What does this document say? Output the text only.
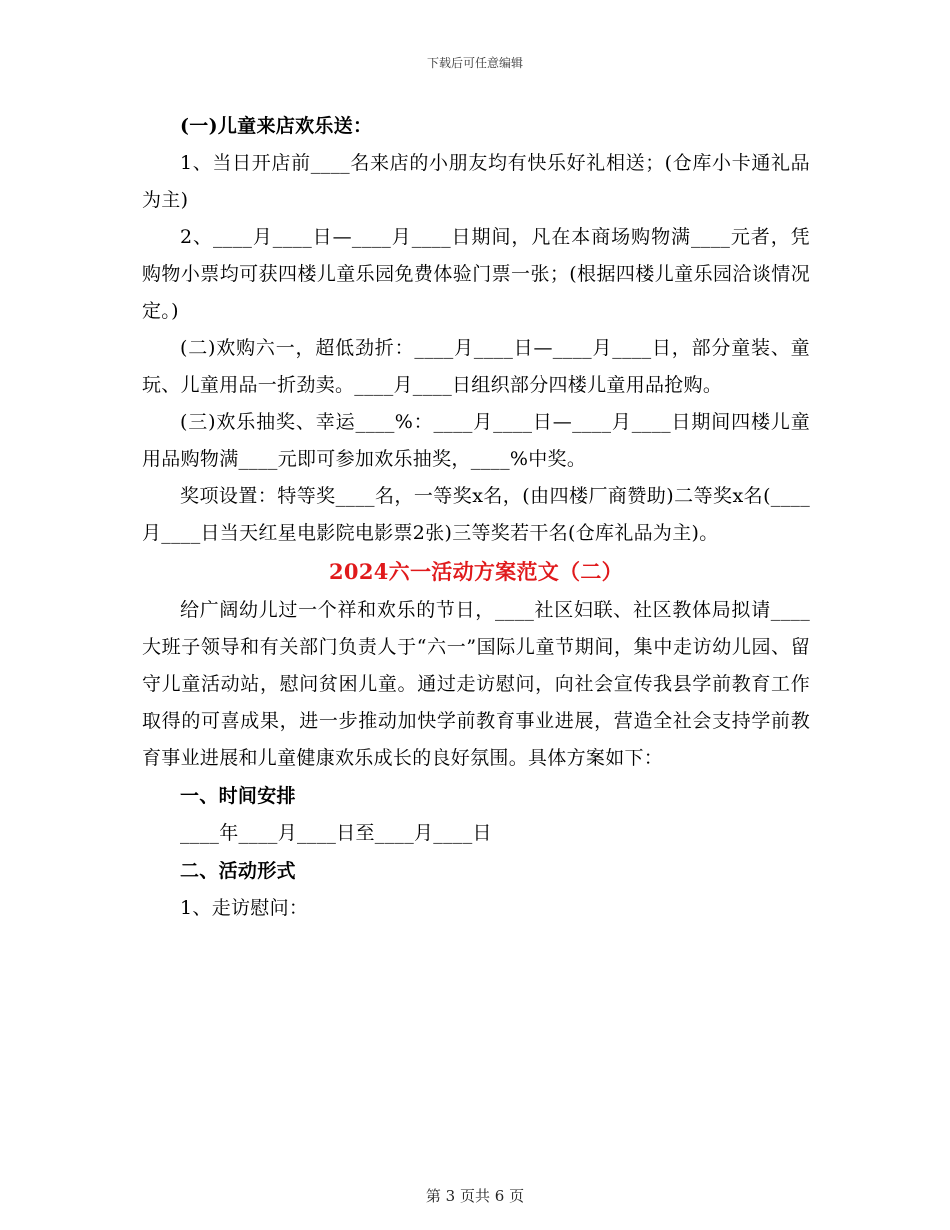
下载后可任意编辑

(一)儿童来店欢乐送：

1、当日开店前____名来店的小朋友均有快乐好礼相送；(仓库小卡通礼品为主)

2、____月____日—____月____日期间，凡在本商场购物满____元者，凭购物小票均可获四楼儿童乐园免费体验门票一张；(根据四楼儿童乐园洽谈情况定。)

(二)欢购六一，超低劲折：____月____日—____月____日，部分童装、童玩、儿童用品一折劲卖。____月____日组织部分四楼儿童用品抢购。

(三)欢乐抽奖、幸运____%：____月____日—____月____日期间四楼儿童用品购物满____元即可参加欢乐抽奖，____%中奖。

奖项设置：特等奖____名，一等奖x名，(由四楼厂商赞助)二等奖x名(____月____日当天红星电影院电影票2张)三等奖若干名(仓库礼品为主)。

2024六一活动方案范文（二）

给广阔幼儿过一个祥和欢乐的节日，____社区妇联、社区教体局拟请____大班子领导和有关部门负责人于“六一”国际儿童节期间，集中走访幼儿园、留守儿童活动站，慰问贫困儿童。通过走访慰问，向社会宣传我县学前教育工作取得的可喜成果，进一步推动加快学前教育事业进展，营造全社会支持学前教育事业进展和儿童健康欢乐成长的良好氛围。具体方案如下：

一、时间安排

____年____月____日至____月____日

二、活动形式

1、走访慰问：

第 3 页共 6 页
